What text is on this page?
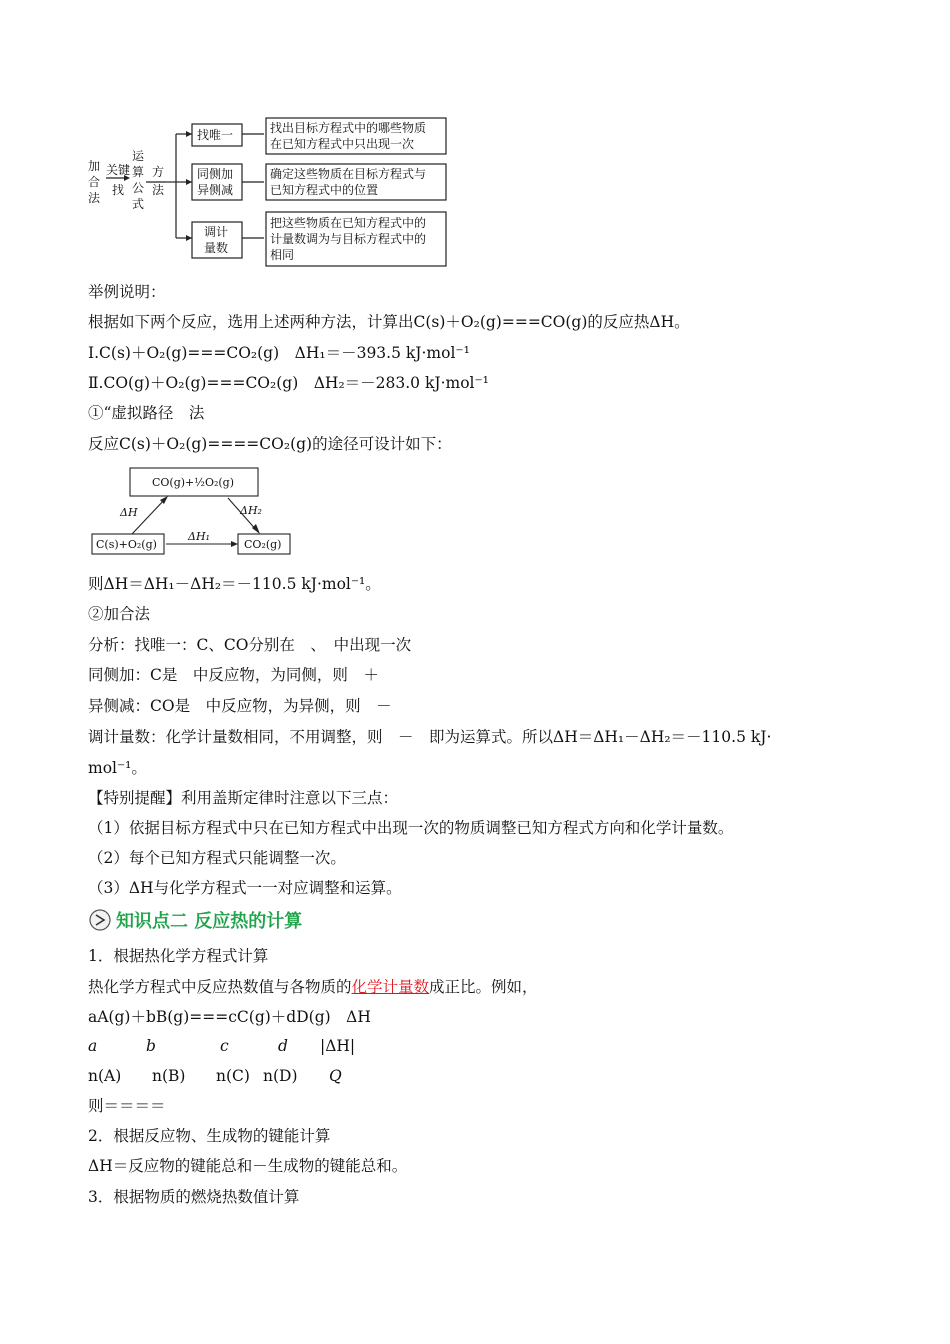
加
合
法
关键
找
运
算
公
式
方
法
找唯一
同侧加
异侧减
调计
量数
找出目标方程式中的哪些物质
在已知方程式中只出现一次
确定这些物质在目标方程式与
已知方程式中的位置
把这些物质在已知方程式中的
计量数调为与目标方程式中的
相同
举例说明：
根据如下两个反应，选用上述两种方法，计算出C(s)＋O₂(g)===CO(g)的反应热ΔH。
Ⅰ.C(s)＋O₂(g)===CO₂(g)　ΔH₁＝－393.5 kJ·mol⁻¹
Ⅱ.CO(g)＋O₂(g)===CO₂(g)　ΔH₂＝－283.0 kJ·mol⁻¹
①“虚拟路径　法
反应C(s)＋O₂(g)====CO₂(g)的途径可设计如下：
CO(g)+½O₂(g)
C(s)+O₂(g)	CO₂(g)
ΔH
ΔH₁
ΔH₂
则ΔH＝ΔH₁－ΔH₂＝－110.5 kJ·mol⁻¹。
②加合法
分析：找唯一：C、CO分别在　、　中出现一次
同侧加：C是　中反应物，为同侧，则　＋
异侧减：CO是　中反应物，为异侧，则　－
调计量数：化学计量数相同，不用调整，则　－　即为运算式。所以ΔH＝ΔH₁－ΔH₂＝－110.5 kJ·
mol⁻¹。
【特别提醒】利用盖斯定律时注意以下三点：
（1）依据目标方程式中只在已知方程式中出现一次的物质调整已知方程式方向和化学计量数。
（2）每个已知方程式只能调整一次。
（3）ΔH与化学方程式一一对应调整和运算。
知识点二 反应热的计算
1．根据热化学方程式计算
热化学方程式中反应热数值与各物质的化学计量数成正比。例如，
aA(g)＋bB(g)===cC(g)＋dD(g)　ΔH
a	b	c	d |ΔH|
n(A) n(B) n(C) n(D) Q
则＝＝＝＝
2．根据反应物、生成物的键能计算
ΔH＝反应物的键能总和－生成物的键能总和。
3．根据物质的燃烧热数值计算
